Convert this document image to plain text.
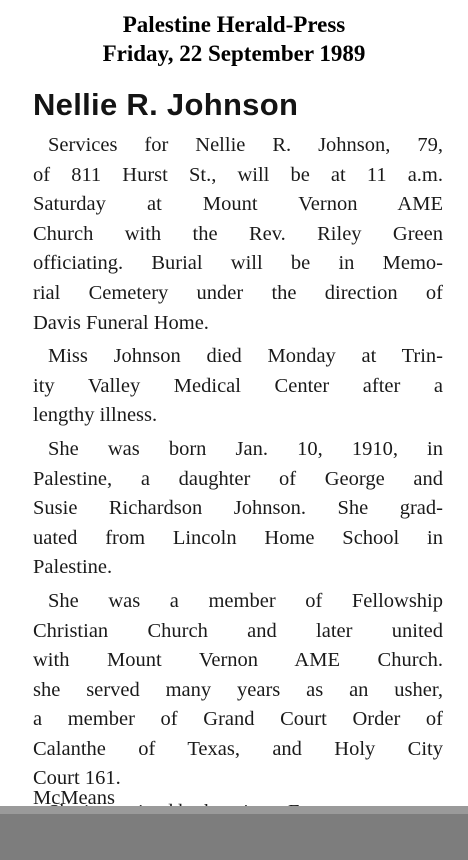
Palestine Herald-Press
Friday, 22 September 1989
Nellie R. Johnson
Services for Nellie R. Johnson, 79,
of 811 Hurst St., will be at 11 a.m.
Saturday at Mount Vernon AME
Church with the Rev. Riley Green
officiating. Burial will be in Memo-
rial Cemetery under the direction of
Davis Funeral Home.
Miss Johnson died Monday at Trin-
ity Valley Medical Center after a
lengthy illness.
She was born Jan. 10, 1910, in
Palestine, a daughter of George and
Susie Richardson Johnson. She grad-
uated from Lincoln Home School in
Palestine.
She was a member of Fellowship
Christian Church and later united
with Mount Vernon AME Church.
she served many years as an usher,
a member of Grand Court Order of
Calanthe of Texas, and Holy City
Court 161.
McMeans
